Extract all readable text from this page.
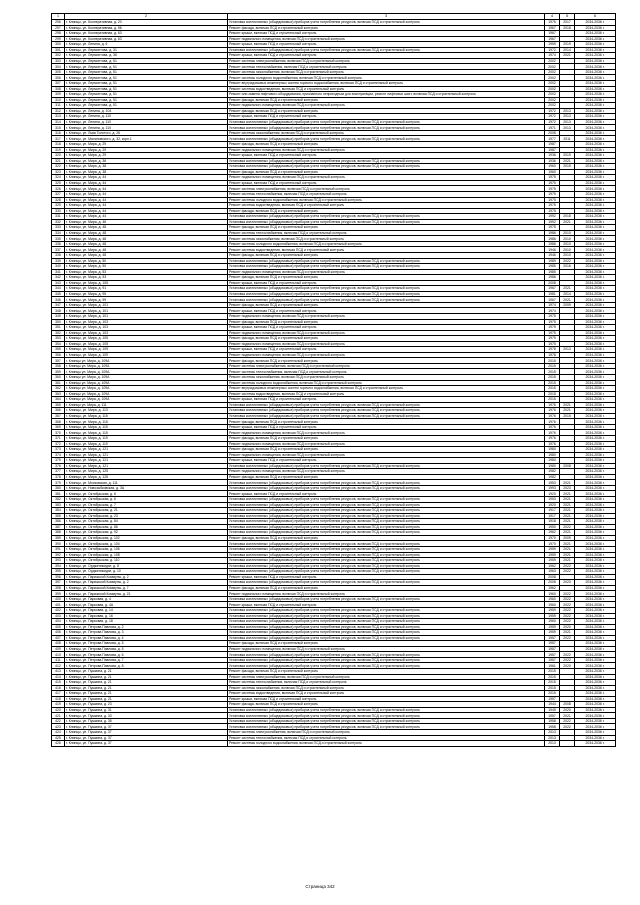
1	2	3	4	5	6
296	г. Клинцы, ул. Кооперативная, д. 20	Установка коллективных (общедомовых) приборов учета потребления ресурсов, включая ПСД и строительный контроль	1975	2017	2034-2036 г.
297	г. Клинцы, ул. Кооперативная, д. 56	Ремонт фасада, включая ПСД и строительный контроль	1967	2018	2034-2036 г.
298	г. Клинцы, ул. Кооперативная, д. 63	Ремонт крыши, включая ПСД и строительный контроль	1967		2034-2036 г.
299	г. Клинцы, ул. Кооперативная, д. 63	Ремонт подвального помещения, включая ПСД и строительный контроль	1967		2034-2036 г.
300	г. Клинцы, ул. Ленина, д. 6	Ремонт крыши, включая ПСД и строительный контроль	1959	2019	2034-2036 г.
301	г. Клинцы, ул. Лермонтова, д. 31	Установка коллективных (общедомовых) приборов учета потребления ресурсов, включая ПСД и строительный контроль	1972	2014	2034-2036 г.
302	г. Клинцы, ул. Лермонтова, д. 36	Ремонт крыши, включая ПСД и строительный контроль	1974	2021	2034-2036 г.
303	г. Клинцы, ул. Лермонтова, д. 51	Ремонт системы электроснабжения, включая ПСД и строительный контроль	2002		2034-2036 г.
304	г. Клинцы, ул. Лермонтова, д. 51	Ремонт системы теплоснабжения, включая ПСД и строительный контроль	2002		2034-2036 г.
305	г. Клинцы, ул. Лермонтова, д. 51	Ремонт системы газоснабжения, включая ПСД и строительный контроль	2002		2034-2036 г.
306	г. Клинцы, ул. Лермонтова, д. 51	Ремонт системы холодного водоснабжения, включая ПСД и строительный контроль	2002		2034-2036 г.
307	г. Клинцы, ул. Лермонтова, д. 51	Ремонт внутридомовых инженерных систем горячего водоснабжения, включая ПСД и строительный контроль	2002		2034-2036 г.
308	г. Клинцы, ул. Лермонтова, д. 51	Ремонт системы водоотведения, включая ПСД и строительный контроль	2002		2034-2036 г.
309	г. Клинцы, ул. Лермонтова, д. 51	Ремонт или замена лифтового оборудования, признанного непригодным для эксплуатации, ремонт лифтовых шахт, включая ПСД и строительный контроль	2002		2034-2036 г.
310	г. Клинцы, ул. Лермонтова, д. 51	Ремонт фасада, включая ПСД и строительный контроль	2002		2034-2036 г.
311	г. Клинцы, ул. Лермонтова, д. 51	Ремонт подвального помещения, включая ПСД и строительный контроль	2002		2034-2036 г.
312	г. Клинцы, ул. Ленина, д. 104	Ремонт фасада, включая ПСД и строительный контроль	1972	2013	2034-2036 г.
313	г. Клинцы, ул. Ленина, д. 110	Ремонт крыши, включая ПСД и строительный контроль	1972	2013	2034-2036 г.
314	г. Клинцы, ул. Ленина, д. 110	Установка коллективных (общедомовых) приборов учета потребления ресурсов, включая ПСД и строительный контроль	1972	2013	2034-2036 г.
315	г. Клинцы, ул. Ленина, д. 110	Установка коллективных (общедомовых) приборов учета потребления ресурсов, включая ПСД и строительный контроль	1971	2013	2034-2036 г.
316	г. Клинцы, ул. Льва Толстого, д. 26	Ремонт системы газоснабжения, включая ПСД и строительный контроль	2008		2034-2036 г.
317	г. Клинцы, ул. Малиновского, д. 32, корп.1	Установка коллективных (общедомовых) приборов учета потребления ресурсов, включая ПСД и строительный контроль	1977	2011	2034-2036 г.
318	г. Клинцы, ул. Мира, д. 29	Ремонт фасада, включая ПСД и строительный контроль	1987		2034-2036 г.
319	г. Клинцы, ул. Мира, д. 29	Ремонт подвального помещения, включая ПСД и строительный контроль	1987		2034-2036 г.
320	г. Клинцы, ул. Мира, д. 29	Ремонт крыши, включая ПСД и строительный контроль	1936	2019	2034-2036 г.
321	г. Клинцы, ул. Мира, д. 36	Установка коллективных (общедомовых) приборов учета потребления ресурсов, включая ПСД и строительный контроль	1936	2021	2034-2036 г.
322	г. Клинцы, ул. Мира, д. 38	Установка коллективных (общедомовых) приборов учета потребления ресурсов, включая ПСД и строительный контроль	1960	2015	2034-2036 г.
323	г. Клинцы, ул. Мира, д. 38	Ремонт фасада, включая ПСД и строительный контроль	1960		2034-2036 г.
324	г. Клинцы, ул. Мира, д. 44	Ремонт подвального помещения, включая ПСД и строительный контроль	1975		2034-2036 г.
325	г. Клинцы, ул. Мира, д. 44	Ремонт крыши, включая ПСД и строительный контроль	1975		2034-2036 г.
326	г. Клинцы, ул. Мира, д. 44	Ремонт системы электроснабжения, включая ПСД и строительный контроль	1975		2034-2036 г.
327	г. Клинцы, ул. Мира, д. 44	Ремонт системы теплоснабжения, включая ПСД и строительный контроль	1975		2034-2036 г.
328	г. Клинцы, ул. Мира, д. 44	Ремонт системы холодного водоснабжения, включая ПСД и строительный контроль	1975		2034-2036 г.
329	г. Клинцы, ул. Мира, д. 44	Ремонт системы водоотведения, включая ПСД и строительный контроль	1975		2034-2036 г.
330	г. Клинцы, ул. Мира, д. 44	Ремонт фасада, включая ПСД и строительный контроль	1975		2034-2036 г.
331	г. Клинцы, ул. Мира, д. 44	Установка коллективных (общедомовых) приборов учета потребления ресурсов, включая ПСД и строительный контроль	1992	2018	2034-2036 г.
332	г. Клинцы, ул. Мира, д. 46	Установка коллективных (общедомовых) приборов учета потребления ресурсов, включая ПСД и строительный контроль	1992	2021	2034-2036 г.
333	г. Клинцы, ул. Мира, д. 48	Ремонт фасада, включая ПСД и строительный контроль	1975		2034-2036 г.
334	г. Клинцы, ул. Мира, д. 48	Ремонт системы теплоснабжения, включая ПСД и строительный контроль	1986	2010	2034-2036 г.
335	г. Клинцы, ул. Мира, д. 48	Ремонт системы газоснабжения, включая ПСД и строительный контроль	1986	2010	2034-2036 г.
336	г. Клинцы, ул. Мира, д. 48	Ремонт системы холодного водоснабжения, включая ПСД и строительный контроль	1986	2010	2034-2036 г.
337	г. Клинцы, ул. Мира, д. 48	Ремонт системы водоотведения, включая ПСД и строительный контроль	1946	2010	2034-2036 г.
338	г. Клинцы, ул. Мира, д. 48	Ремонт фасада, включая ПСД и строительный контроль	1946	2010	2034-2036 г.
339	г. Клинцы, ул. Мира, д. 50	Установка коллективных (общедомовых) приборов учета потребления ресурсов, включая ПСД и строительный контроль	1989	2022	2034-2036 г.
340	г. Клинцы, ул. Мира, д. 50	Установка коллективных (общедомовых) приборов учета потребления ресурсов, включая ПСД и строительный контроль	1985	2016	2034-2036 г.
341	г. Клинцы, ул. Мира, д. 53	Ремонт подвального помещения, включая ПСД и строительный контроль	1985		2034-2036 г.
342	г. Клинцы, ул. Мира, д. 53	Ремонт фасада, включая ПСД и строительный контроль	1986		2034-2036 г.
343	г. Клинцы, ул. Мира, д. 105	Ремонт крыши, включая ПСД и строительный контроль	2008		2034-2036 г.
344	г. Клинцы, ул. Мира, д. 91	Установка коллективных (общедомовых) приборов учета потребления ресурсов, включая ПСД и строительный контроль	1967	2021	2034-2036 г.
345	г. Клинцы, ул. Мира, д. 95	Установка коллективных (общедомовых) приборов учета потребления ресурсов, включая ПСД и строительный контроль	1981	2014	2034-2036 г.
346	г. Клинцы, ул. Мира, д. 99	Установка коллективных (общедомовых) приборов учета потребления ресурсов, включая ПСД и строительный контроль	1967	2021	2034-2036 г.
347	г. Клинцы, ул. Мира, д. 101	Ремонт фасада, включая ПСД и строительный контроль	1974	2009	2034-2036 г.
348	г. Клинцы, ул. Мира, д. 101	Ремонт крыши, включая ПСД и строительный контроль	1974		2034-2036 г.
349	г. Клинцы, ул. Мира, д. 101	Ремонт подвального помещения, включая ПСД и строительный контроль	1975		2034-2036 г.
350	г. Клинцы, ул. Мира, д. 103	Ремонт фасада, включая ПСД и строительный контроль	1975		2034-2036 г.
351	г. Клинцы, ул. Мира, д. 103	Ремонт крыши, включая ПСД и строительный контроль	1975		2034-2036 г.
352	г. Клинцы, ул. Мира, д. 103	Ремонт подвального помещения, включая ПСД и строительный контроль	1975		2034-2036 г.
353	г. Клинцы, ул. Мира, д. 105	Ремонт фасада, включая ПСД и строительный контроль	1975		2034-2036 г.
354	г. Клинцы, ул. Мира, д. 105	Ремонт подвального помещения, включая ПСД и строительный контроль	1975		2034-2036 г.
355	г. Клинцы, ул. Мира, д. 109	Ремонт крыши, включая ПСД и строительный контроль	1978	2013	2034-2036 г.
356	г. Клинцы, ул. Мира, д. 109	Ремонт подвального помещения, включая ПСД и строительный контроль	1978		2034-2036 г.
357	г. Клинцы ул. Мира, д. 109А	Ремонт фасада, включая ПСД и строительный контроль	2015		2034-2036 г.
358	г. Клинцы ул. Мира, д. 109А	Ремонт системы электроснабжения, включая ПСД и строительный контроль	2015		2034-2036 г.
359	г. Клинцы ул. Мира, д. 109А	Ремонт системы теплоснабжения, включая ПСД и строительный контроль	2015		2034-2036 г.
360	г. Клинцы ул. Мира, д. 109А	Ремонт системы газоснабжения, включая ПСД и строительный контроль	2015		2034-2036 г.
361	г. Клинцы ул. Мира, д. 109А	Ремонт системы холодного водоснабжения, включая ПСД и строительный контроль	2015		2034-2036 г.
362	г. Клинцы ул. Мира, д. 109А	Ремонт внутридомовых инженерных систем горячего водоснабжения, включая ПСД и строительный контроль	2015		2034-2036 г.
363	г. Клинцы ул. Мира, д. 109А	Ремонт системы водоотведения, включая ПСД и строительный контроль	2015		2034-2036 г.
364	г. Клинцы ул. Мира, д. 109А	Ремонт крыши, включая ПСД и строительный контроль	2015		2034-2036 г.
365	г. Клинцы ул. Мира, д. 111	Установка коллективных (общедомовых) приборов учета потребления ресурсов, включая ПСД и строительный контроль	1976	2021	2034-2036 г.
366	г. Клинцы, ул. Мира, д. 113	Установка коллективных (общедомовых) приборов учета потребления ресурсов, включая ПСД и строительный контроль	1976	2021	2034-2036 г.
367	г. Клинцы, ул. Мира, д. 115	Установка коллективных (общедомовых) приборов учета потребления ресурсов, включая ПСД и строительный контроль	1976	2015	2034-2036 г.
368	г. Клинцы, ул. Мира, д. 115	Ремонт фасада, включая ПСД и строительный контроль	1976		2034-2036 г.
369	г. Клинцы, ул. Мира, д. 115	Ремонт крыши, включая ПСД и строительный контроль	1976		2034-2036 г.
370	г. Клинцы, ул. Мира, д. 115	Ремонт подвального помещения, включая ПСД и строительный контроль	1976		2034-2036 г.
371	г. Клинцы, ул. Мира, д. 119	Ремонт фасада, включая ПСД и строительный контроль	1976		2034-2036 г.
372	г. Клинцы, ул. Мира, д. 119	Ремонт подвального помещения, включая ПСД и строительный контроль	1976		2034-2036 г.
373	г. Клинцы, ул. Мира, д. 121	Ремонт фасада, включая ПСД и строительный контроль	1980		2034-2036 г.
374	г. Клинцы, ул. Мира, д. 121	Ремонт подвального помещения, включая ПСД и строительный контроль	1980		2034-2036 г.
375	г. Клинцы, ул. Мира, д. 121	Ремонт крыши, включая ПСД и строительный контроль	1980		2034-2036 г.
376	г. Клинцы, ул. Мира, д. 121	Установка коллективных (общедомовых) приборов учета потребления ресурсов, включая ПСД и строительный контроль	1980	2008	2034-2036 г.
377	г. Клинцы, ул. Мира, д. 125	Ремонт подвального помещения, включая ПСД и строительный контроль	1982		2034-2036 г.
378	г. Клинцы, ул. Мира, д. 125	Ремонт фасада, включая ПСД и строительный контроль	1982		2034-2036 г.
379	г. Клинцы, ул. Московская, д. 111	Установка коллективных (общедомовых) приборов учета потребления ресурсов, включая ПСД и строительный контроль	1953	2021	2034-2036 г.
380	г. Клинцы, ул. Новозыбковская, д. 3А	Установка коллективных (общедомовых) приборов учета потребления ресурсов, включая ПСД и строительный контроль	1993	2023	2034-2036 г.
381	г. Клинцы, ул. Октябрьская, д. 6	Ремонт крыши, включая ПСД и строительный контроль	1920	2021	2034-2036 г.
382	г. Клинцы, ул. Октябрьская, д. 6	Установка коллективных (общедомовых) приборов учета потребления ресурсов, включая ПСД и строительный контроль	1953	2021	2034-2036 г.
383	г. Клинцы, ул. Октябрьская, д. 7	Установка коллективных (общедомовых) приборов учета потребления ресурсов, включая ПСД и строительный контроль	1920	2021	2034-2036 г.
384	г. Клинцы, ул. Октябрьская, д. 21	Установка коллективных (общедомовых) приборов учета потребления ресурсов, включая ПСД и строительный контроль	1917	2021	2034-2036 г.
385	г. Клинцы, ул. Октябрьская, д. 23	Установка коллективных (общедомовых) приборов учета потребления ресурсов, включая ПСД и строительный контроль	1917	2021	2034-2036 г.
386	г. Клинцы, ул. Октябрьская, д. 84	Установка коллективных (общедомовых) приборов учета потребления ресурсов, включая ПСД и строительный контроль	1918	2021	2034-2036 г.
387	г. Клинцы, ул. Октябрьская, д. 86	Установка коллективных (общедомовых) приборов учета потребления ресурсов, включая ПСД и строительный контроль	1950	2022	2034-2036 г.
388	г. Клинцы, ул. Октябрьская, д. 92	Установка коллективных (общедомовых) приборов учета потребления ресурсов, включая ПСД и строительный контроль	1962	2021	2034-2036 г.
389	г. Клинцы, ул. Октябрьская, д. 102	Ремонт фасада, включая ПСД и строительный контроль	1970	2009	2034-2036 г.
390	г. Клинцы, ул. Октябрьская, д. 104	Установка коллективных (общедомовых) приборов учета потребления ресурсов, включая ПСД и строительный контроль	1970	2021	2034-2036 г.
391	г. Клинцы, ул. Октябрьская, д. 106	Установка коллективных (общедомовых) приборов учета потребления ресурсов, включая ПСД и строительный контроль	1959	2021	2034-2036 г.
392	г. Клинцы, ул. Октябрьская, д. 108	Установка коллективных (общедомовых) приборов учета потребления ресурсов, включая ПСД и строительный контроль	1959	2021	2034-2036 г.
393	г. Клинцы, ул. Октябрьская, д. 110	Установка коллективных (общедомовых) приборов учета потребления ресурсов, включая ПСД и строительный контроль	1959	2021	2034-2036 г.
394	г. Клинцы, ул. Ордженикидзе, д. 8	Установка коллективных (общедомовых) приборов учета потребления ресурсов, включая ПСД и строительный контроль	1962	2022	2034-2036 г.
395	г. Клинцы, ул. Ордженикидзе, д. 10	Установка коллективных (общедомовых) приборов учета потребления ресурсов, включая ПСД и строительный контроль	1963	2022	2034-2036 г.
396	г. Клинцы, ул. Парижской Коммуны, д. 2	Ремонт крыши, включая ПСД и строительный контроль	2008		2034-2036 г.
397	г. Клинцы, ул. Парижской Коммуны, д. 2	Установка коллективных (общедомовых) приборов учета потребления ресурсов, включая ПСД и строительный контроль	2008	2023	2034-2036 г.
398	г. Клинцы, ул. Парижской Коммуны, д. 7	Ремонт фасада, включая ПСД и строительный контроль	1962		2034-2036 г.
399	г. Клинцы, ул. Парижской Коммуны, д. 21	Ремонт подвального помещения, включая ПСД и строительный контроль	1960	2022	2034-2036 г.
400	г. Клинцы, ул. Парковая, д. 4	Установка коллективных (общедомовых) приборов учета потребления ресурсов, включая ПСД и строительный контроль	1960	2022	2034-2036 г.
401	г. Клинцы, ул. Парковая, д. 4А	Ремонт крыши, включая ПСД и строительный контроль	1960	2022	2034-2036 г.
402	г. Клинцы, ул. Парковая, д. 14	Установка коллективных (общедомовых) приборов учета потребления ресурсов, включая ПСД и строительный контроль	1959	2022	2034-2036 г.
403	г. Клинцы, ул. Парковая, д. 16	Установка коллективных (общедомовых) приборов учета потребления ресурсов, включая ПСД и строительный контроль	1959	2022	2034-2036 г.
404	г. Клинцы, ул. Парковая, д. 18	Установка коллективных (общедомовых) приборов учета потребления ресурсов, включая ПСД и строительный контроль	1960	2022	2034-2036 г.
405	г. Клинцы, ул. Петрова Павлова, д. 2	Установка коллективных (общедомовых) приборов учета потребления ресурсов, включая ПСД и строительный контроль	1959	2020	2034-2036 г.
406	г. Клинцы, ул. Петрова Павлова, д. 3	Установка коллективных (общедомовых) приборов учета потребления ресурсов, включая ПСД и строительный контроль	1959	2021	2034-2036 г.
407	г. Клинцы, ул. Петрова Павлова, д. 4	Установка коллективных (общедомовых) приборов учета потребления ресурсов, включая ПСД и строительный контроль	1957	2022	2034-2036 г.
408	г. Клинцы, ул. Петрова Павлова, д. 5	Ремонт фасада, включая ПСД и строительный контроль	1957		2034-2036 г.
409	г. Клинцы, ул. Петрова Павлова, д. 5	Ремонт подвального помещения, включая ПСД и строительный контроль	1957		2034-2036 г.
410	г. Клинцы, ул. Петрова Павлова, д. 6	Установка коллективных (общедомовых) приборов учета потребления ресурсов, включая ПСД и строительный контроль	1957	2022	2034-2036 г.
411	г. Клинцы, ул. Петрова Павлова, д. 7	Установка коллективных (общедомовых) приборов учета потребления ресурсов, включая ПСД и строительный контроль	1957	2022	2034-2036 г.
412	г. Клинцы, ул. Петрова Павлова, д. 8	Установка коллективных (общедомовых) приборов учета потребления ресурсов, включая ПСД и строительный контроль	1961	2020	2034-2036 г.
413	г. Клинцы, ул. Пушкина, д. 21	Ремонт фасада, включая ПСД и строительный контроль	2015		2034-2036 г.
414	г. Клинцы, ул. Пушкина, д. 21	Ремонт системы электроснабжения, включая ПСД и строительный контроль	2015		2034-2036 г.
415	г. Клинцы, ул. Пушкина, д. 21	Ремонт системы теплоснабжения, включая ПСД и строительный контроль	2015		2034-2036 г.
416	г. Клинцы, ул. Пушкина, д. 21	Ремонт системы газоснабжения, включая ПСД и строительный контроль	2015		2034-2036 г.
417	г. Клинцы, ул. Пушкина, д. 21	Ремонт системы водоотведения, включая ПСД и строительный контроль	2015		2034-2036 г.
418	г. Клинцы, ул. Пушкина, д. 21	Ремонт крыши, включая ПСД и строительный контроль	1997		2034-2036 г.
419	г. Клинцы, ул. Пушкина, д. 23	Ремонт фасада, включая ПСД и строительный контроль	1944	2008	2034-2036 г.
420	г. Клинцы, ул. Пушкина, д. 31	Установка коллективных (общедомовых) приборов учета потребления ресурсов, включая ПСД и строительный контроль	1949	2020	2034-2036 г.
421	г. Клинцы, ул. Пушкина, д. 33	Установка коллективных (общедомовых) приборов учета потребления ресурсов, включая ПСД и строительный контроль	1957	2021	2034-2036 г.
422	г. Клинцы, ул. Пушкина, д. 35	Установка коллективных (общедомовых) приборов учета потребления ресурсов, включая ПСД и строительный контроль	1958	2022	2034-2036 г.
423	г. Клинцы, ул. Пушкина, д. 37	Установка коллективных (общедомовых) приборов учета потребления ресурсов, включая ПСД и строительный контроль	1958	2022	2034-2036 г.
424	г. Клинцы, ул. Пушкина, д. 37	Ремонт системы электроснабжения, включая ПСД и строительный контроль	2013		2034-2036 г.
425	г. Клинцы, ул. Пушкина, д. 37	Ремонт системы теплоснабжения, включая ПСД и строительный контроль	2013		2034-2036 г.
426	г. Клинцы, ул. Пушкина, д. 37	Ремонт системы холодного водоснабжения, включая ПСД и строительный контроль	2013		2034-2036 г.
Страница 342
